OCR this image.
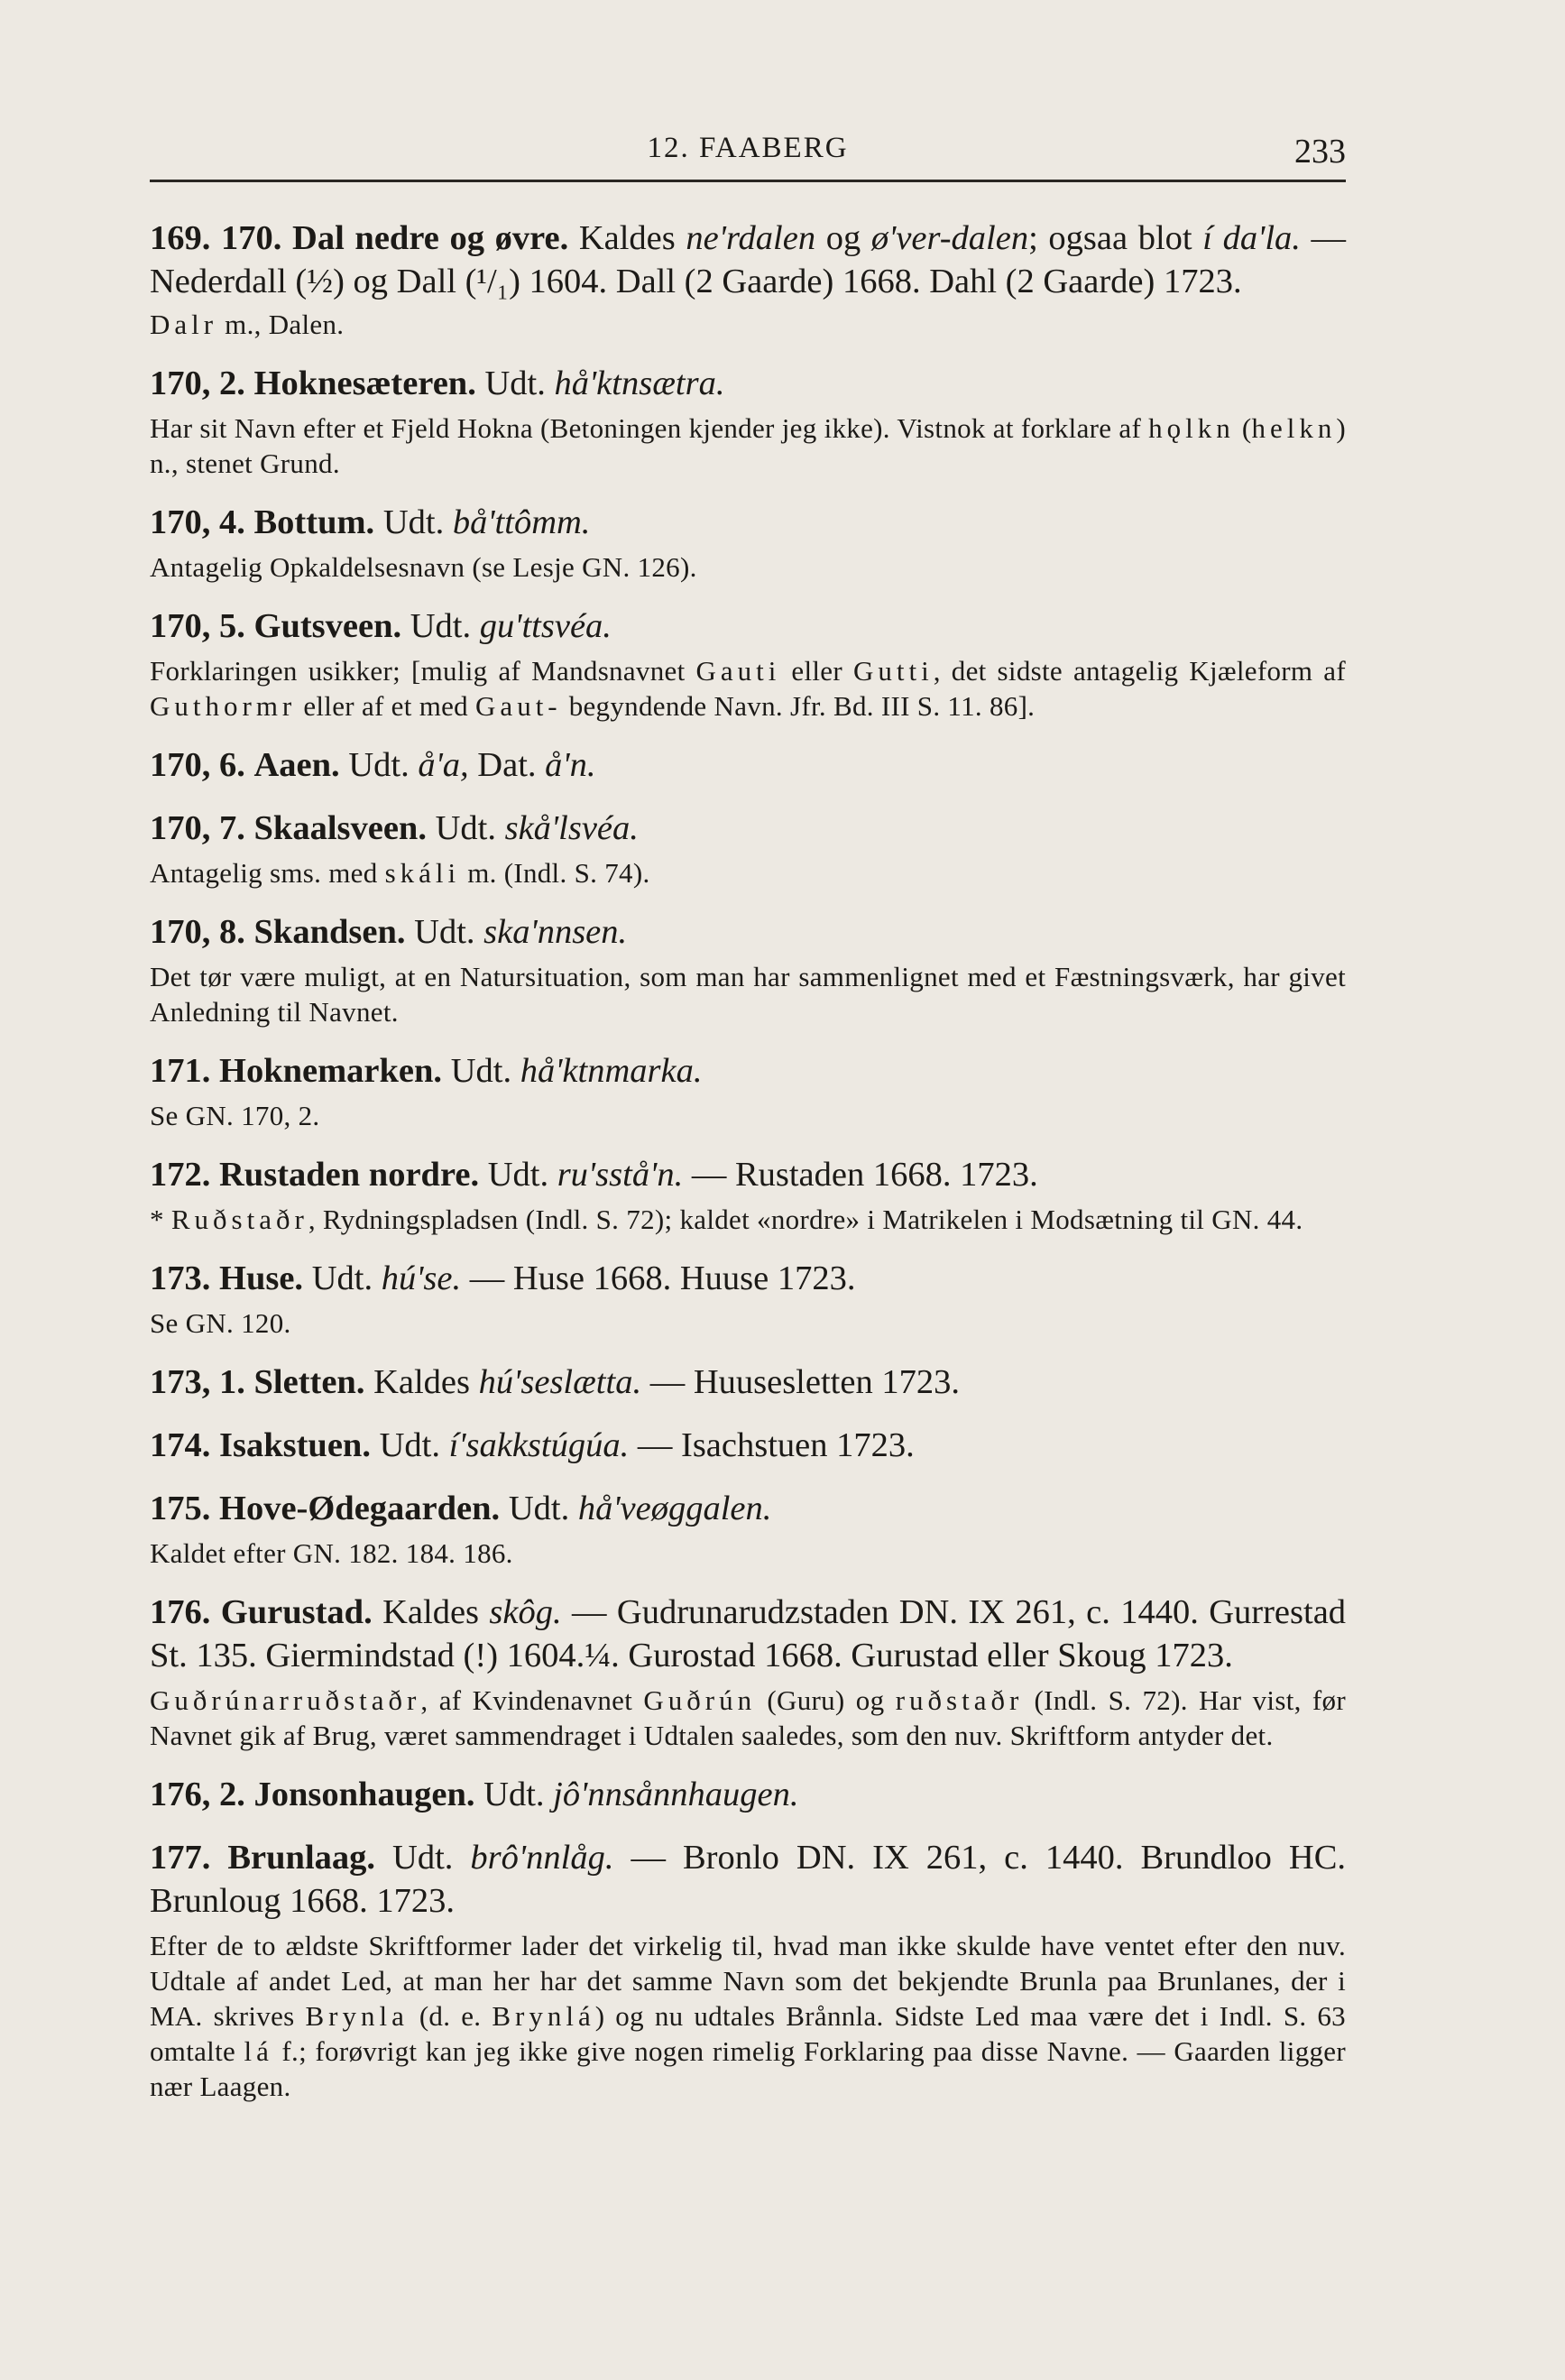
12. FAABERG	233

169. 170. Dal nedre og øvre. Kaldes ne'rdalen og ø'ver-dalen; ogsaa blot í da'la. — Nederdall (½) og Dall (¹/₁) 1604. Dall (2 Gaarde) 1668. Dahl (2 Gaarde) 1723.

Dalr m., Dalen.

170, 2. Hoknesæteren. Udt. hå'ktnsætra.

Har sit Navn efter et Fjeld Hokna (Betoningen kjender jeg ikke). Vistnok at forklare af hǫlkn (helkn) n., stenet Grund.

170, 4. Bottum. Udt. bå'ttômm.

Antagelig Opkaldelsesnavn (se Lesje GN. 126).

170, 5. Gutsveen. Udt. gu'ttsvéa.

Forklaringen usikker; [mulig af Mandsnavnet Gauti eller Gutti, det sidste antagelig Kjæleform af Guthormr eller af et med Gaut- begyndende Navn. Jfr. Bd. III S. 11. 86].

170, 6. Aaen. Udt. å'a, Dat. å'n.

170, 7. Skaalsveen. Udt. skå'lsvéa.

Antagelig sms. med skáli m. (Indl. S. 74).

170, 8. Skandsen. Udt. ska'nnsen.

Det tør være muligt, at en Natursituation, som man har sammenlignet med et Fæstningsværk, har givet Anledning til Navnet.

171. Hoknemarken. Udt. hå'ktnmarka.

Se GN. 170, 2.

172. Rustaden nordre. Udt. ru'sstå'n. — Rustaden 1668. 1723.

* Ruðstaðr, Rydningspladsen (Indl. S. 72); kaldet «nordre» i Matrikelen i Modsætning til GN. 44.

173. Huse. Udt. hú'se. — Huse 1668. Huuse 1723.

Se GN. 120.

173, 1. Sletten. Kaldes hú'seslætta. — Huusesletten 1723.

174. Isakstuen. Udt. í'sakkstúgúa. — Isachstuen 1723.

175. Hove-Ødegaarden. Udt. hå'veøggalen.

Kaldet efter GN. 182. 184. 186.

176. Gurustad. Kaldes skôg. — Gudrunarudzstaden DN. IX 261, c. 1440. Gurrestad St. 135. Giermindstad (!) 1604.¼. Gurostad 1668. Gurustad eller Skoug 1723.

Guðrúnarruðstaðr, af Kvindenavnet Guðrún (Guru) og ruðstaðr (Indl. S. 72). Har vist, før Navnet gik af Brug, været sammendraget i Udtalen saaledes, som den nuv. Skriftform antyder det.

176, 2. Jonsonhaugen. Udt. jô'nnsånnhaugen.

177. Brunlaag. Udt. brô'nnlåg. — Bronlo DN. IX 261, c. 1440. Brundloo HC. Brunloug 1668. 1723.

Efter de to ældste Skriftformer lader det virkelig til, hvad man ikke skulde have ventet efter den nuv. Udtale af andet Led, at man her har det samme Navn som det bekjendte Brunla paa Brunlanes, der i MA. skrives Brynla (d. e. Brynlá) og nu udtales Brånnla. Sidste Led maa være det i Indl. S. 63 omtalte lá f.; forøvrigt kan jeg ikke give nogen rimelig Forklaring paa disse Navne. — Gaarden ligger nær Laagen.
